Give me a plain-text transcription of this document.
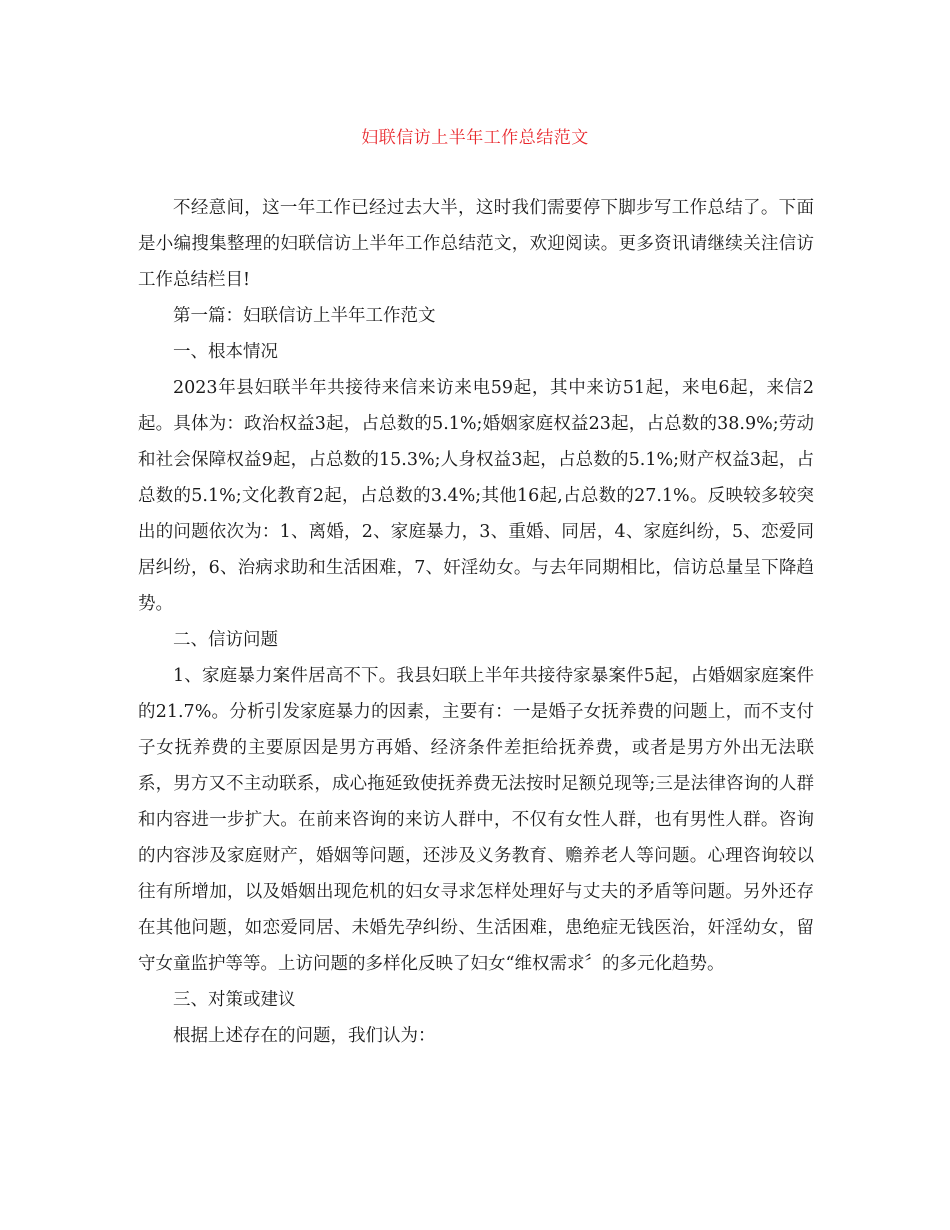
妇联信访上半年工作总结范文

不经意间，这一年工作已经过去大半，这时我们需要停下脚步写工作总结了。下面是小编搜集整理的妇联信访上半年工作总结范文，欢迎阅读。更多资讯请继续关注信访工作总结栏目!

第一篇：妇联信访上半年工作范文

一、根本情况

2023年县妇联半年共接待来信来访来电59起，其中来访51起，来电6起，来信2起。具体为：政治权益3起，占总数的5.1%;婚姻家庭权益23起，占总数的38.9%;劳动和社会保障权益9起，占总数的15.3%;人身权益3起，占总数的5.1%;财产权益3起，占总数的5.1%;文化教育2起，占总数的3.4%;其他16起,占总数的27.1%。反映较多较突出的问题依次为：1、离婚，2、家庭暴力，3、重婚、同居，4、家庭纠纷，5、恋爱同居纠纷，6、治病求助和生活困难，7、奸淫幼女。与去年同期相比，信访总量呈下降趋势。

二、信访问题

1、家庭暴力案件居高不下。我县妇联上半年共接待家暴案件5起，占婚姻家庭案件的21.7%。分析引发家庭暴力的因素，主要有：一是婚子女抚养费的问题上，而不支付子女抚养费的主要原因是男方再婚、经济条件差拒给抚养费，或者是男方外出无法联系，男方又不主动联系，成心拖延致使抚养费无法按时足额兑现等;三是法律咨询的人群和内容进一步扩大。在前来咨询的来访人群中，不仅有女性人群，也有男性人群。咨询的内容涉及家庭财产，婚姻等问题，还涉及义务教育、赡养老人等问题。心理咨询较以往有所增加，以及婚姻出现危机的妇女寻求怎样处理好与丈夫的矛盾等问题。另外还存在其他问题，如恋爱同居、未婚先孕纠纷、生活困难，患绝症无钱医治，奸淫幼女，留守女童监护等等。上访问题的多样化反映了妇女“维权需求〞的多元化趋势。

三、对策或建议

根据上述存在的问题，我们认为：
